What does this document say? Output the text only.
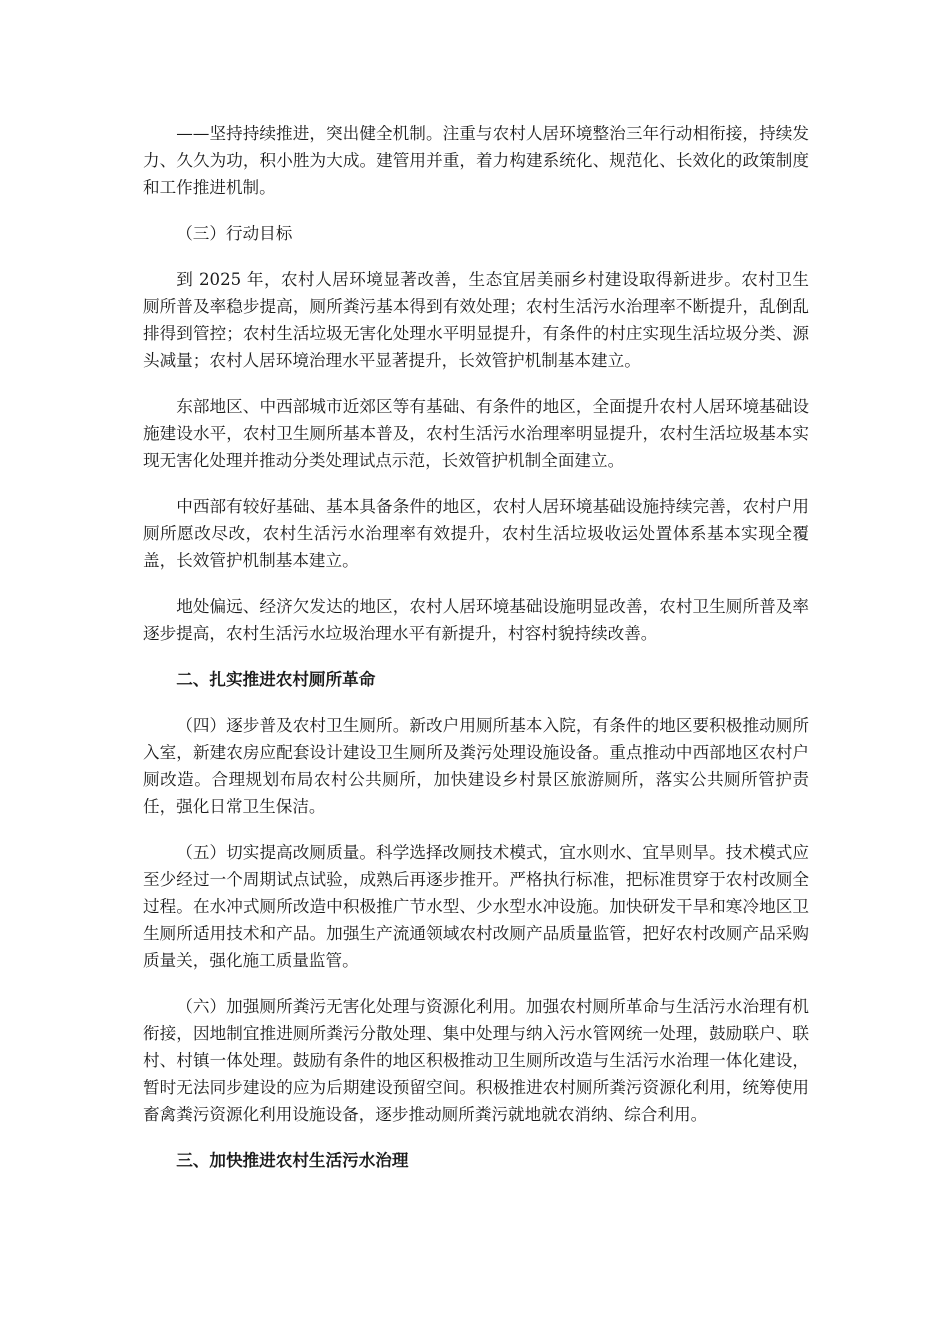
——坚持持续推进，突出健全机制。注重与农村人居环境整治三年行动相衔接，持续发力、久久为功，积小胜为大成。建管用并重，着力构建系统化、规范化、长效化的政策制度和工作推进机制。

（三）行动目标

到 2025 年，农村人居环境显著改善，生态宜居美丽乡村建设取得新进步。农村卫生厕所普及率稳步提高，厕所粪污基本得到有效处理；农村生活污水治理率不断提升，乱倒乱排得到管控；农村生活垃圾无害化处理水平明显提升，有条件的村庄实现生活垃圾分类、源头减量；农村人居环境治理水平显著提升，长效管护机制基本建立。

东部地区、中西部城市近郊区等有基础、有条件的地区，全面提升农村人居环境基础设施建设水平，农村卫生厕所基本普及，农村生活污水治理率明显提升，农村生活垃圾基本实现无害化处理并推动分类处理试点示范，长效管护机制全面建立。

中西部有较好基础、基本具备条件的地区，农村人居环境基础设施持续完善，农村户用厕所愿改尽改，农村生活污水治理率有效提升，农村生活垃圾收运处置体系基本实现全覆盖，长效管护机制基本建立。

地处偏远、经济欠发达的地区，农村人居环境基础设施明显改善，农村卫生厕所普及率逐步提高，农村生活污水垃圾治理水平有新提升，村容村貌持续改善。

二、扎实推进农村厕所革命

（四）逐步普及农村卫生厕所。新改户用厕所基本入院，有条件的地区要积极推动厕所入室，新建农房应配套设计建设卫生厕所及粪污处理设施设备。重点推动中西部地区农村户厕改造。合理规划布局农村公共厕所，加快建设乡村景区旅游厕所，落实公共厕所管护责任，强化日常卫生保洁。

（五）切实提高改厕质量。科学选择改厕技术模式，宜水则水、宜旱则旱。技术模式应至少经过一个周期试点试验，成熟后再逐步推开。严格执行标准，把标准贯穿于农村改厕全过程。在水冲式厕所改造中积极推广节水型、少水型水冲设施。加快研发干旱和寒冷地区卫生厕所适用技术和产品。加强生产流通领域农村改厕产品质量监管，把好农村改厕产品采购质量关，强化施工质量监管。

（六）加强厕所粪污无害化处理与资源化利用。加强农村厕所革命与生活污水治理有机衔接，因地制宜推进厕所粪污分散处理、集中处理与纳入污水管网统一处理，鼓励联户、联村、村镇一体处理。鼓励有条件的地区积极推动卫生厕所改造与生活污水治理一体化建设，暂时无法同步建设的应为后期建设预留空间。积极推进农村厕所粪污资源化利用，统筹使用畜禽粪污资源化利用设施设备，逐步推动厕所粪污就地就农消纳、综合利用。

三、加快推进农村生活污水治理
